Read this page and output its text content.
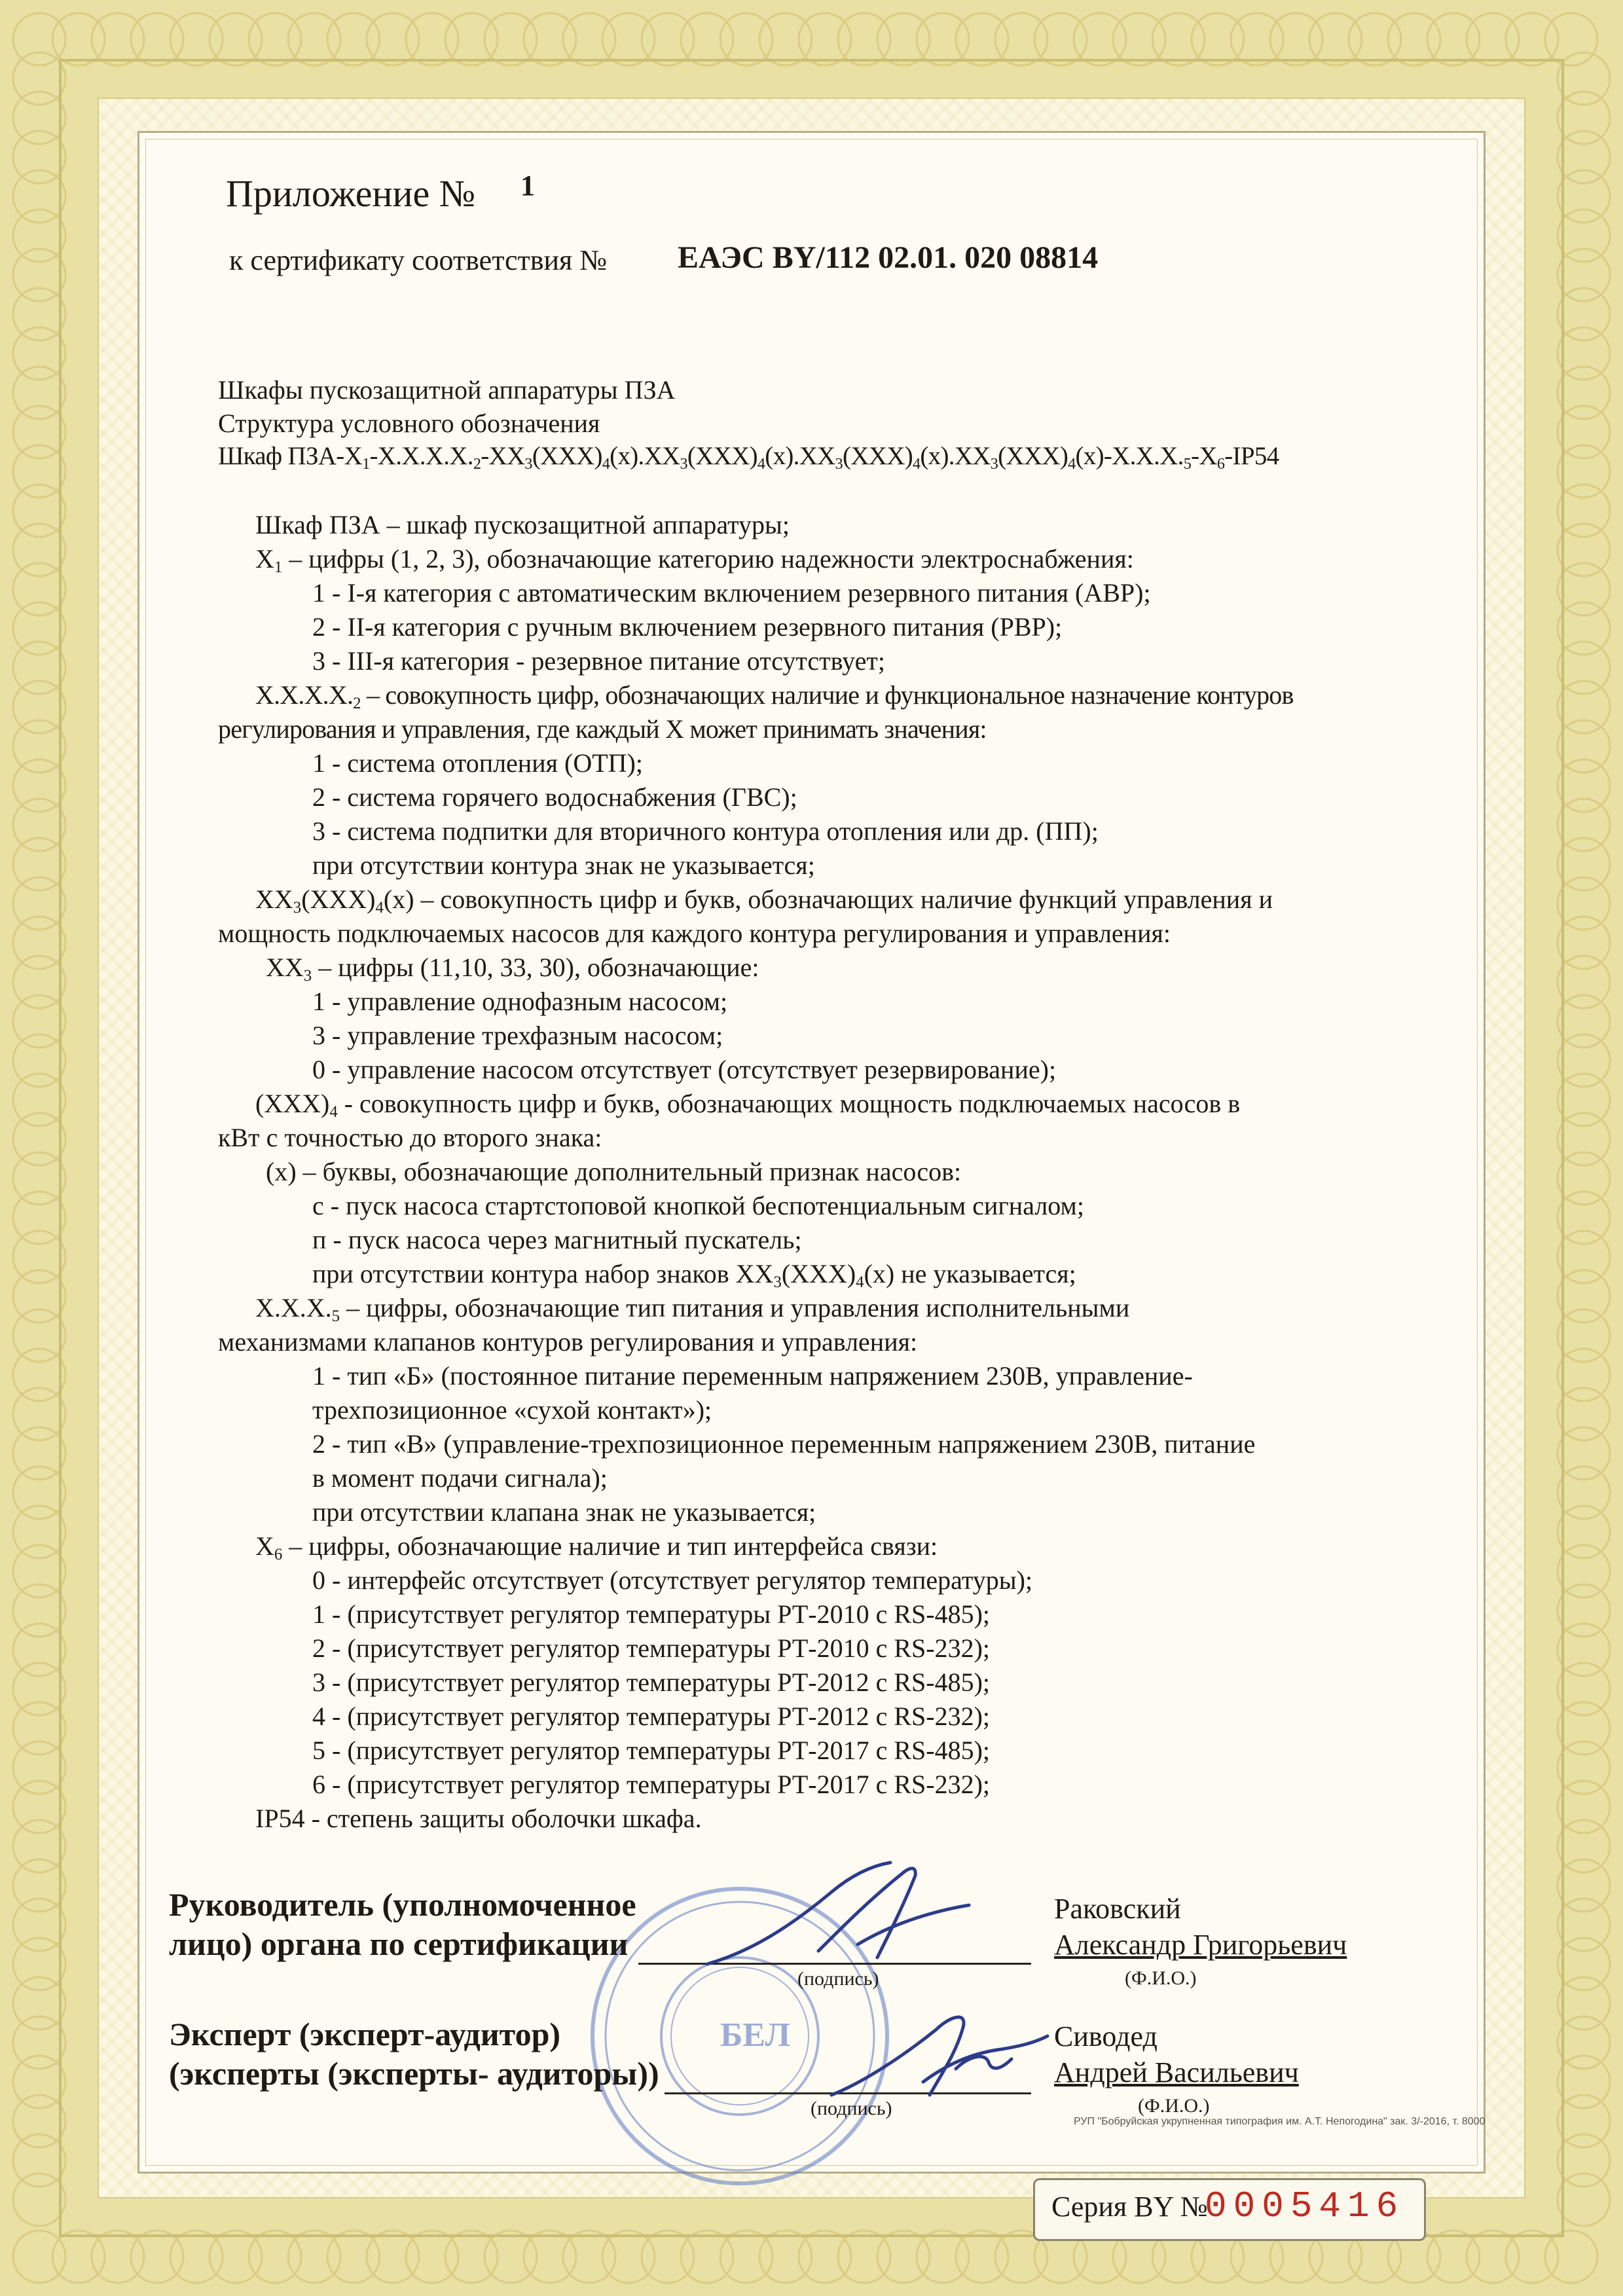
Приложение № 1
к сертификату соответствия № ЕАЭС BY/112 02.01. 020 08814
Шкафы пускозащитной аппаратуры ПЗА
Структура условного обозначения
Шкаф ПЗА-$Х_1-Х.Х.Х.Х._2-ХХ_3(ХХХ)_4(х).ХХ_3(ХХХ)_4(х).ХХ_3(ХХХ)_4(х).ХХ_3(ХХХ)_4(х)-Х.Х.Х._5-Х_6-IP54$
Шкаф ПЗА – шкаф пускозащитной аппаратуры;
$Х_1$ – цифры (1, 2, 3), обозначающие категорию надежности электроснабжения:
1 - I-я категория с автоматическим включением резервного питания (АВР);
2 - II-я категория с ручным включением резервного питания (РВР);
3 - III-я категория - резервное питание отсутствует;
$Х.Х.Х.Х._2$ – совокупность цифр, обозначающих наличие и функциональное назначение контуров
регулирования и управления, где каждый Х может принимать значения:
1 - система отопления (ОТП);
2 - система горячего водоснабжения (ГВС);
3 - система подпитки для вторичного контура отопления или др. (ПП);
при отсутствии контура знак не указывается;
$ХХ_3(ХХХ)_4(х)$ – совокупность цифр и букв, обозначающих наличие функций управления и
мощность подключаемых насосов для каждого контура регулирования и управления:
$ХХ_3$ – цифры (11,10, 33, 30), обозначающие:
1 - управление однофазным насосом;
3 - управление трехфазным насосом;
0 - управление насосом отсутствует (отсутствует резервирование);
$(ХХХ)_4$ - совокупность цифр и букв, обозначающих мощность подключаемых насосов в
кВт с точностью до второго знака:
(х) – буквы, обозначающие дополнительный признак насосов:
с - пуск насоса стартстоповой кнопкой беспотенциальным сигналом;
п - пуск насоса через магнитный пускатель;
при отсутствии контура набор знаков $ХХ_3(ХХХ)_4(х)$ не указывается;
$Х.Х.Х._5$ – цифры, обозначающие тип питания и управления исполнительными
механизмами клапанов контуров регулирования и управления:
1 - тип «Б» (постоянное питание переменным напряжением 230В, управление-
трехпозиционное «сухой контакт»);
2 - тип «В» (управление-трехпозиционное переменным напряжением 230В, питание
в момент подачи сигнала);
при отсутствии клапана знак не указывается;
$Х_6$ – цифры, обозначающие наличие и тип интерфейса связи:
0 - интерфейс отсутствует (отсутствует регулятор температуры);
1 - (присутствует регулятор температуры РТ-2010 с RS-485);
2 - (присутствует регулятор температуры РТ-2010 с RS-232);
3 - (присутствует регулятор температуры РТ-2012 с RS-485);
4 - (присутствует регулятор температуры РТ-2012 с RS-232);
5 - (присутствует регулятор температуры РТ-2017 с RS-485);
6 - (присутствует регулятор температуры РТ-2017 с RS-232);
IP54 - степень защиты оболочки шкафа.
БЕЛ
Руководитель (уполномоченное
лицо) органа по сертификации
(подпись)
Раковский
Александр Григорьевич
(Ф.И.О.)
Эксперт (эксперт-аудитор)
(эксперты (эксперты- аудиторы))
(подпись)
Сиводед
Андрей Васильевич
(Ф.И.О.)
РУП "Бобруйская укрупненная типография им. А.Т. Непогодина" зак. 3/-2016, т. 8000
Серия BY №
0005416
